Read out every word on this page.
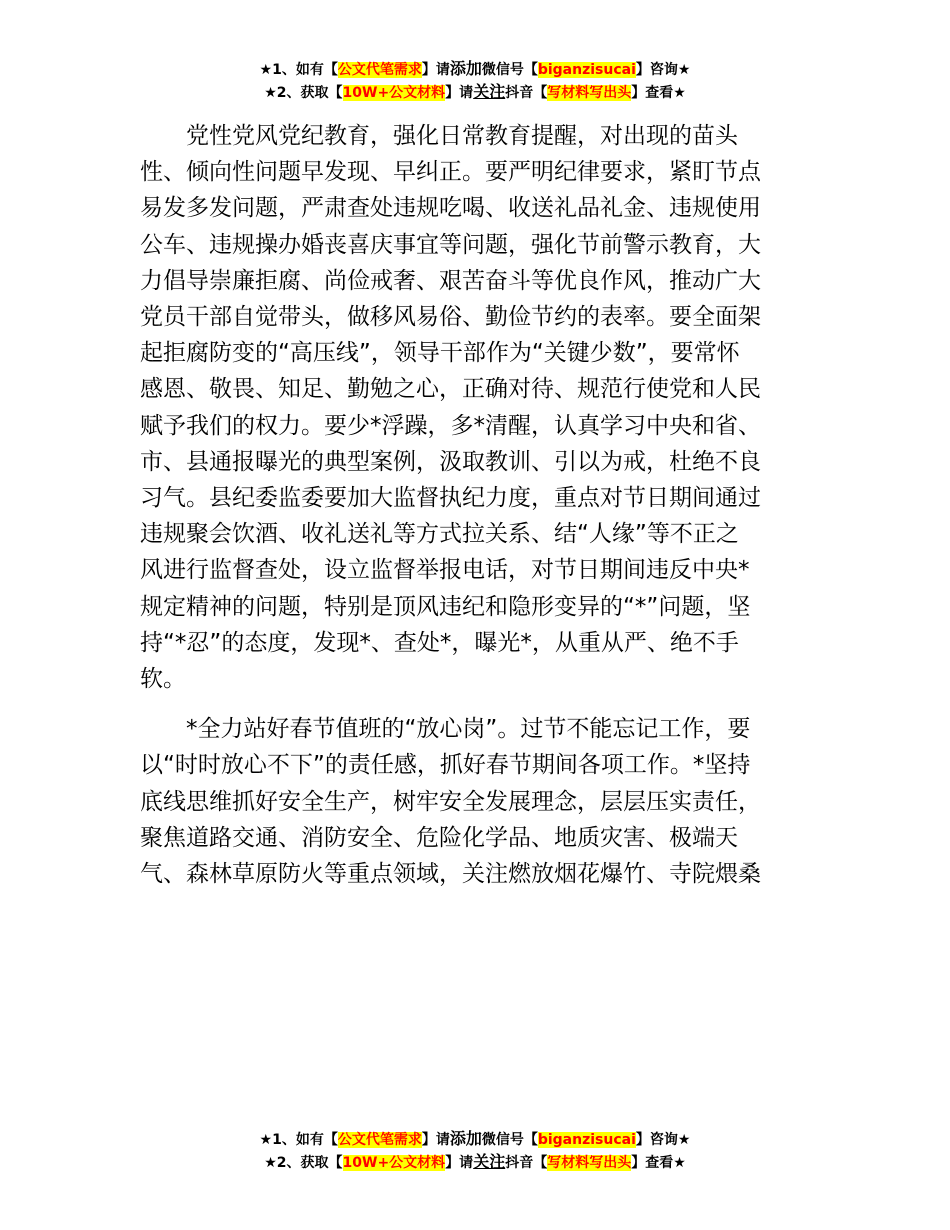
★1、如有【公文代笔需求】请添加微信号【biganzisucai】咨询★
★2、获取【10W+公文材料】请关注抖音【写材料写出头】查看★
党性党风党纪教育，强化日常教育提醒，对出现的苗头
性、倾向性问题早发现、早纠正。要严明纪律要求，紧盯节点
易发多发问题，严肃查处违规吃喝、收送礼品礼金、违规使用
公车、违规操办婚丧喜庆事宜等问题，强化节前警示教育，大
力倡导崇廉拒腐、尚俭戒奢、艰苦奋斗等优良作风，推动广大
党员干部自觉带头，做移风易俗、勤俭节约的表率。要全面架
起拒腐防变的“高压线”，领导干部作为“关键少数”，要常怀
感恩、敬畏、知足、勤勉之心，正确对待、规范行使党和人民
赋予我们的权力。要少*浮躁，多*清醒，认真学习中央和省、
市、县通报曝光的典型案例，汲取教训、引以为戒，杜绝不良
习气。县纪委监委要加大监督执纪力度，重点对节日期间通过
违规聚会饮酒、收礼送礼等方式拉关系、结“人缘”等不正之
风进行监督查处，设立监督举报电话，对节日期间违反中央*
规定精神的问题，特别是顶风违纪和隐形变异的“*”问题，坚
持“*忍”的态度，发现*、查处*，曝光*，从重从严、绝不手
软。
*全力站好春节值班的“放心岗”。过节不能忘记工作，要
以“时时放心不下”的责任感，抓好春节期间各项工作。*坚持
底线思维抓好安全生产，树牢安全发展理念，层层压实责任，
聚焦道路交通、消防安全、危险化学品、地质灾害、极端天
气、森林草原防火等重点领域，关注燃放烟花爆竹、寺院煨桑
★1、如有【公文代笔需求】请添加微信号【biganzisucai】咨询★
★2、获取【10W+公文材料】请关注抖音【写材料写出头】查看★
